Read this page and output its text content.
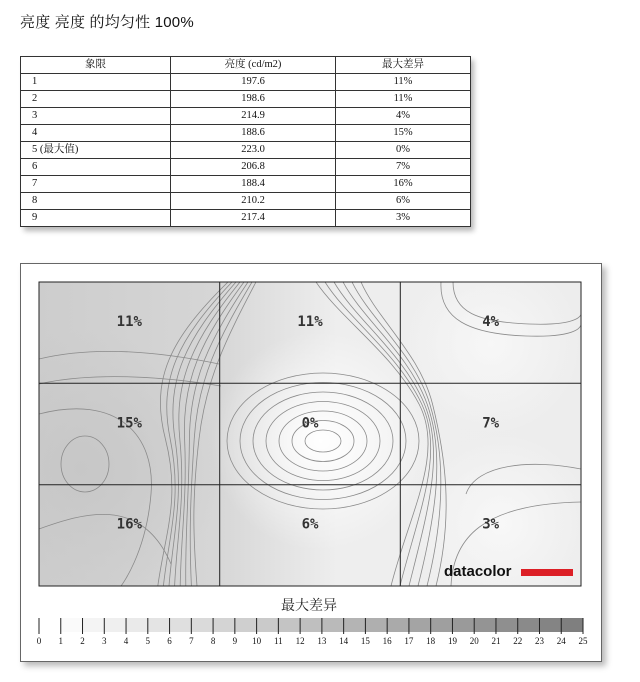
亮度 亮度 的均匀性 100%
象限	亮度 (cd/m2)	最大差异
1	197.6	11%
2	198.6	11%
3	214.9	4%
4	188.6	15%
5 (最大值)	223.0	0%
6	206.8	7%
7	188.4	16%
8	210.2	6%
9	217.4	3%
11%	11%	4%
15%	0%	7%
16%	6%	3%
datacolor
最大差异
0 1 2 3 4 5 6 7 8 9 10 11 12 13 14 15 16 17 18 19 20 21 22 23 24 25
